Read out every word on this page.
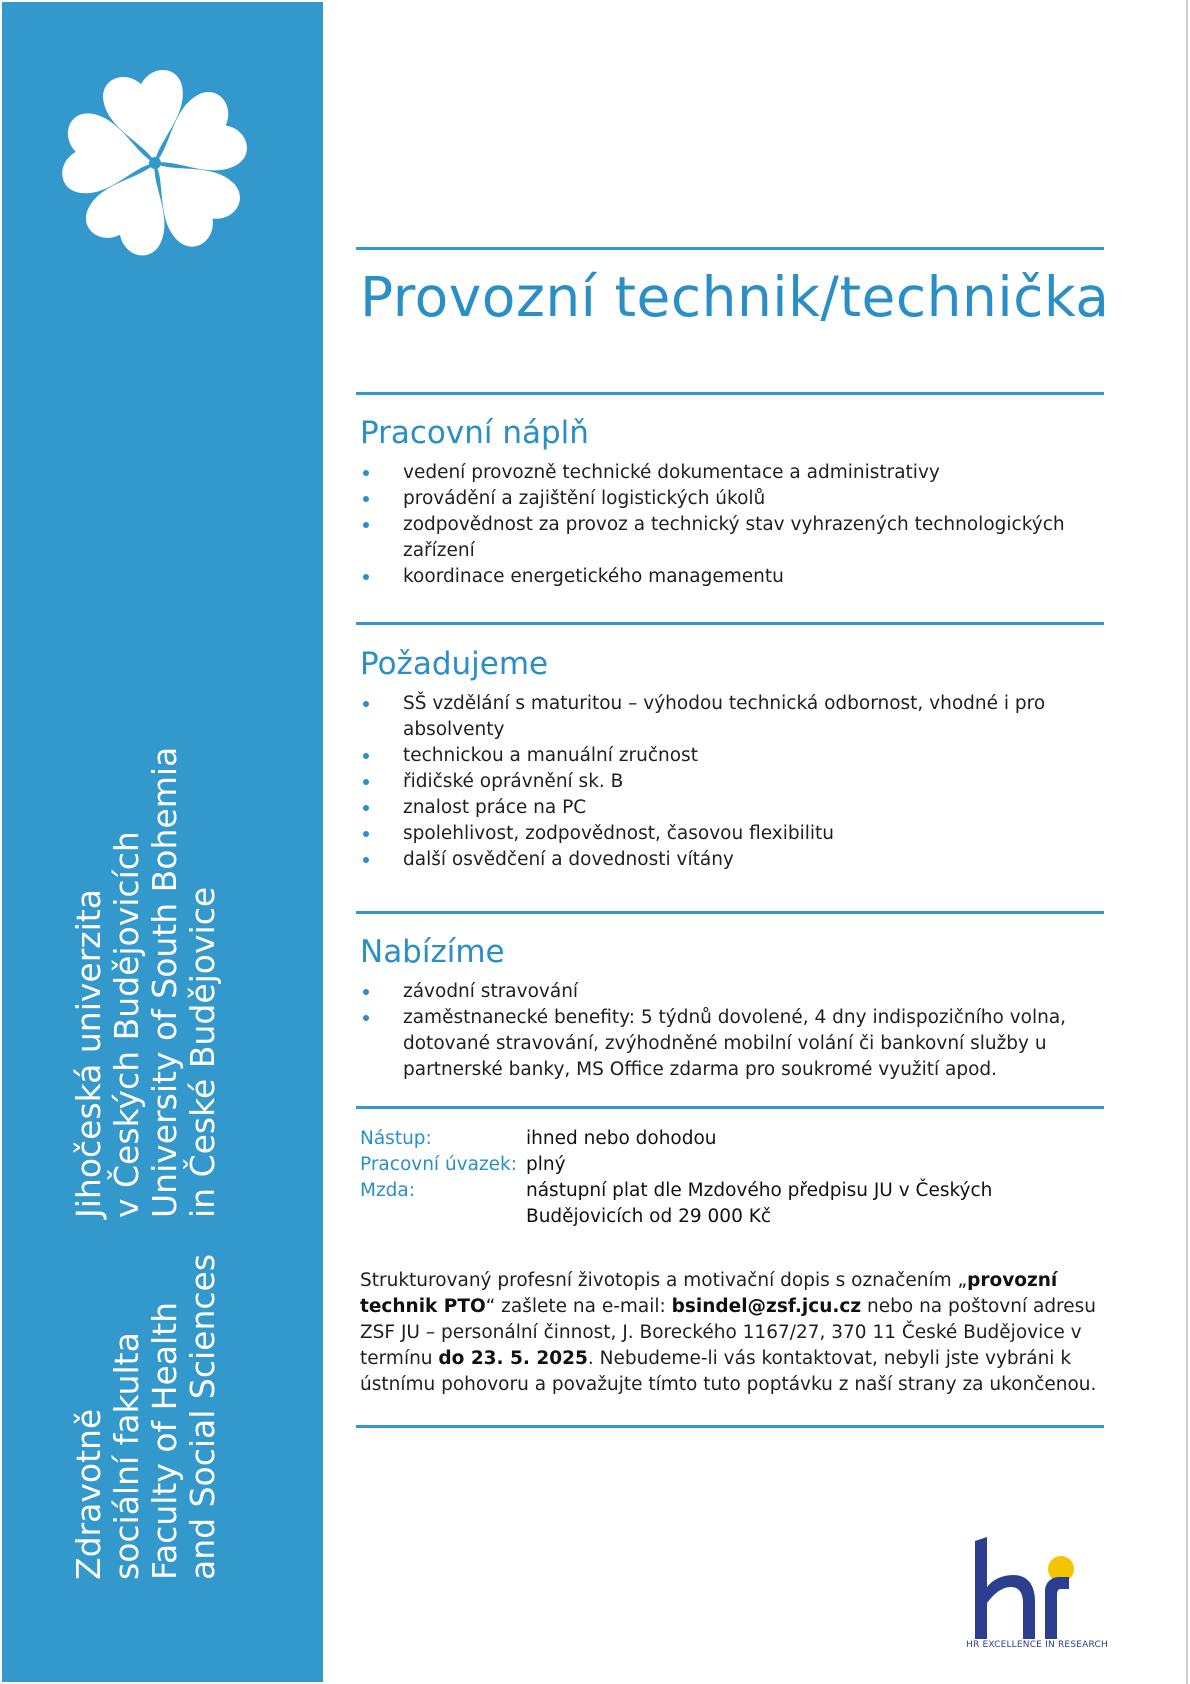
Zdravotně sociální fakulta Faculty of Health and Social Sciences
Jihočeská univerzita v Českých Budějovicích University of South Bohemia in České Budějovice
Provozní technik/technička
Pracovní náplň
vedení provozně technické dokumentace a administrativy
provádění a zajištění logistických úkolů
zodpovědnost za provoz a technický stav vyhrazených technologických zařízení
koordinace energetického managementu
Požadujeme
SŠ vzdělání s maturitou – výhodou technická odbornost, vhodné i pro absolventy
technickou a manuální zručnost
řidičské oprávnění sk. B
znalost práce na PC
spolehlivost, zodpovědnost, časovou flexibilitu
další osvědčení a dovednosti vítány
Nabízíme
závodní stravování
zaměstnanecké benefity: 5 týdnů dovolené, 4 dny indispozičního volna, dotované stravování, zvýhodněné mobilní volání či bankovní služby u partnerské banky, MS Office zdarma pro soukromé využití apod.
Nástup:	ihned nebo dohodou
Pracovní úvazek: plný
Mzda:	nástupní plat dle Mzdového předpisu JU v Českých Budějovicích od 29 000 Kč

Strukturovaný profesní životopis a motivační dopis s označením „provozní technik PTO“ zašlete na e-mail: bsindel@zsf.jcu.cz nebo na poštovní adresu ZSF JU – personální činnost, J. Boreckého 1167/27, 370 11 České Budějovice v termínu do 23. 5. 2025. Nebudeme-li vás kontaktovat, nebyli jste vybráni k ústnímu pohovoru a považujte tímto tuto poptávku z naší strany za ukončenou.

HR EXCELLENCE IN RESEARCH
